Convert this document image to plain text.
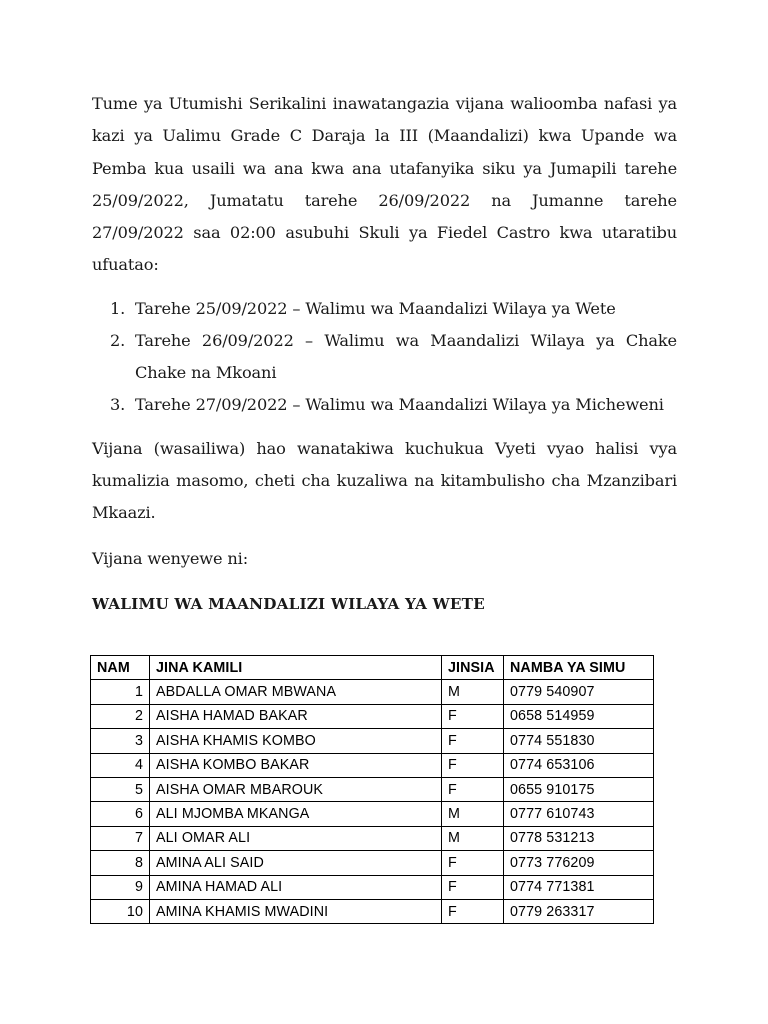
Tume ya Utumishi Serikalini inawatangazia vijana walioomba nafasi ya kazi ya Ualimu Grade C Daraja la III (Maandalizi) kwa Upande wa Pemba kua usaili wa ana kwa ana utafanyika siku ya Jumapili tarehe 25/09/2022, Jumatatu tarehe 26/09/2022 na Jumanne tarehe 27/09/2022 saa 02:00 asubuhi Skuli ya Fiedel Castro kwa utaratibu ufuatao:

1. Tarehe 25/09/2022 – Walimu wa Maandalizi Wilaya ya Wete
2. Tarehe 26/09/2022 – Walimu wa Maandalizi Wilaya ya Chake Chake na Mkoani
3. Tarehe 27/09/2022 – Walimu wa Maandalizi Wilaya ya Micheweni

Vijana (wasailiwa) hao wanatakiwa kuchukua Vyeti vyao halisi vya kumalizia masomo, cheti cha kuzaliwa na kitambulisho cha Mzanzibari Mkaazi.

Vijana wenyewe ni:

WALIMU WA MAANDALIZI WILAYA YA WETE
NAM	JINA KAMILI	JINSIA	NAMBA YA SIMU
1	ABDALLA OMAR MBWANA	M	0779 540907
2	AISHA HAMAD BAKAR	F	0658 514959
3	AISHA KHAMIS KOMBO	F	0774 551830
4	AISHA KOMBO BAKAR	F	0774 653106
5	AISHA OMAR MBAROUK	F	0655 910175
6	ALI MJOMBA MKANGA	M	0777 610743
7	ALI OMAR ALI	M	0778 531213
8	AMINA ALI SAID	F	0773 776209
9	AMINA HAMAD ALI	F	0774 771381
10	AMINA KHAMIS MWADINI	F	0779 263317
